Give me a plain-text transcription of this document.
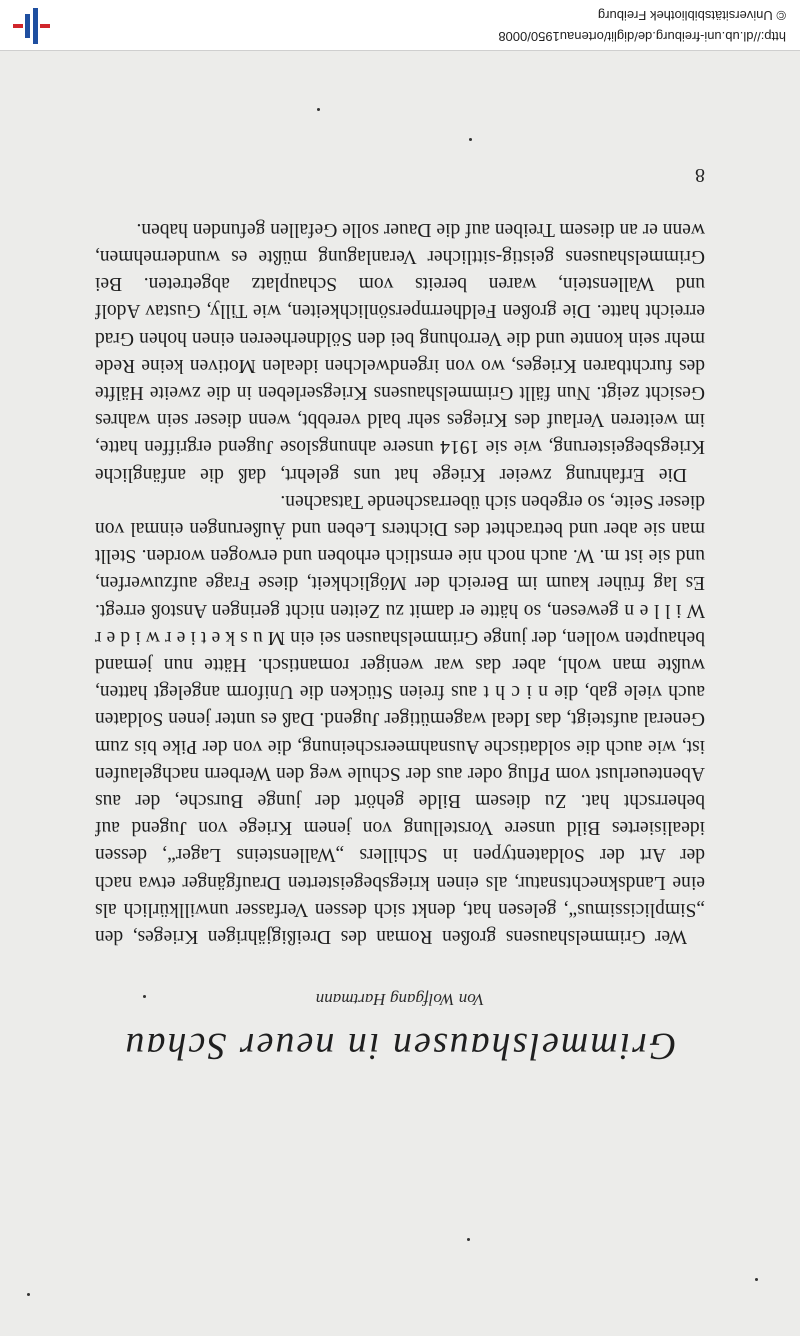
Grimmelshausen in neuer Schau
Von Wolfgang Hartmann

Wer Grimmelshausens großen Roman des Dreißigjährigen Krieges, den „Simplicissimus“, gelesen hat, denkt sich dessen Verfasser unwillkürlich als eine Landsknechtsnatur, als einen kriegsbegeisterten Draufgänger etwa nach der Art der Soldatentypen in Schillers „Wallensteins Lager“, dessen idealisiertes Bild unsere Vorstellung von jenem Kriege von Jugend auf beherrscht hat. Zu diesem Bilde gehört der junge Bursche, der aus Abenteuerlust vom Pflug oder aus der Schule weg den Werbern nachgelaufen ist, wie auch die soldatische Ausnahmeerscheinung, die von der Pike bis zum General aufsteigt, das Ideal wagemütiger Jugend. Daß es unter jenen Soldaten auch viele gab, die n i c h t aus freien Stücken die Uniform angelegt hatten, wußte man wohl, aber das war weniger romantisch. Hätte nun jemand behaupten wollen, der junge Grimmelshausen sei ein M u s k e t i e r w i d e r W i l l e n gewesen, so hätte er damit zu Zeiten nicht geringen Anstoß erregt. Es lag früher kaum im Bereich der Möglichkeit, diese Frage aufzuwerfen, und sie ist m. W. auch noch nie ernstlich erhoben und erwogen worden. Stellt man sie aber und betrachtet des Dichters Leben und Äußerungen einmal von dieser Seite, so ergeben sich überraschende Tatsachen.

Die Erfahrung zweier Kriege hat uns gelehrt, daß die anfängliche Kriegsbegeisterung, wie sie 1914 unsere ahnungslose Jugend ergriffen hatte, im weiteren Verlauf des Krieges sehr bald verebbt, wenn dieser sein wahres Gesicht zeigt. Nun fällt Grimmelshausens Kriegserleben in die zweite Hälfte des furchtbaren Krieges, wo von irgendwelchen idealen Motiven keine Rede mehr sein konnte und die Verrohung bei den Söldnerheeren einen hohen Grad erreicht hatte. Die großen Feldherrnpersönlichkeiten, wie Tilly, Gustav Adolf und Wallenstein, waren bereits vom Schauplatz abgetreten. Bei Grimmelshausens geistig-sittlicher Veranlagung müßte es wundernehmen, wenn er an diesem Treiben auf die Dauer solle Gefallen gefunden haben.

8
http://dl.ub.uni-freiburg.de/diglit/ortenau1950/0008
© Universitätsbibliothek Freiburg
